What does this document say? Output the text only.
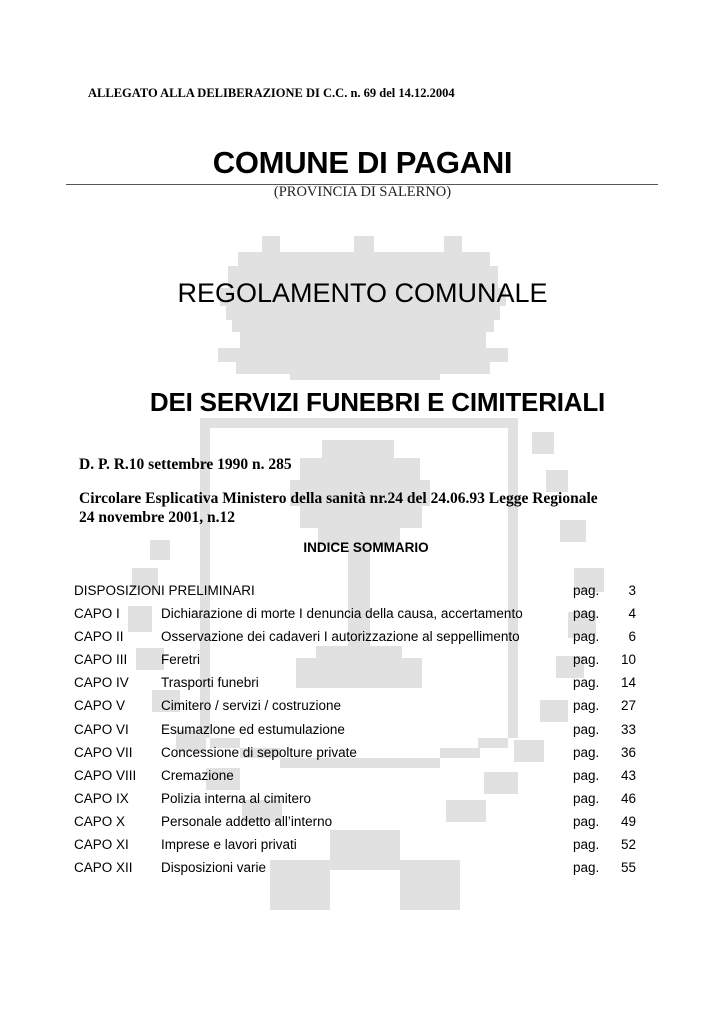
ALLEGATO ALLA DELIBERAZIONE DI C.C. n. 69 del 14.12.2004
COMUNE DI PAGANI
(PROVINCIA DI SALERNO)
REGOLAMENTO COMUNALE
DEI SERVIZI FUNEBRI E CIMITERIALI
D. P. R.10 settembre 1990 n. 285
Circolare Esplicativa Ministero della sanità nr.24 del 24.06.93 Legge Regionale 24 novembre 2001, n.12
INDICE SOMMARIO
DISPOSIZIONI PRELIMINARI	pag. 3
CAPO I	Dichiarazione di morte I denuncia della causa, accertamento	pag. 4
CAPO II	Osservazione dei cadaveri I autorizzazione al seppellimento	pag. 6
CAPO III Feretri	pag. 10
CAPO IV Trasporti funebri	pag. 14
CAPO V	Cimitero / servizi / costruzione	pag. 27
CAPO VI Esumazlone ed estumulazione	pag. 33
CAPO VII Concessione di sepolture private	pag. 36
CAPO VIII Cremazione	pag. 43
CAPO IX Polizia interna al cimitero	pag. 46
CAPO X	Personale addetto all’interno	pag. 49
CAPO XI Imprese e lavori privati	pag. 52
CAPO XII Disposizioni varie	pag. 55
